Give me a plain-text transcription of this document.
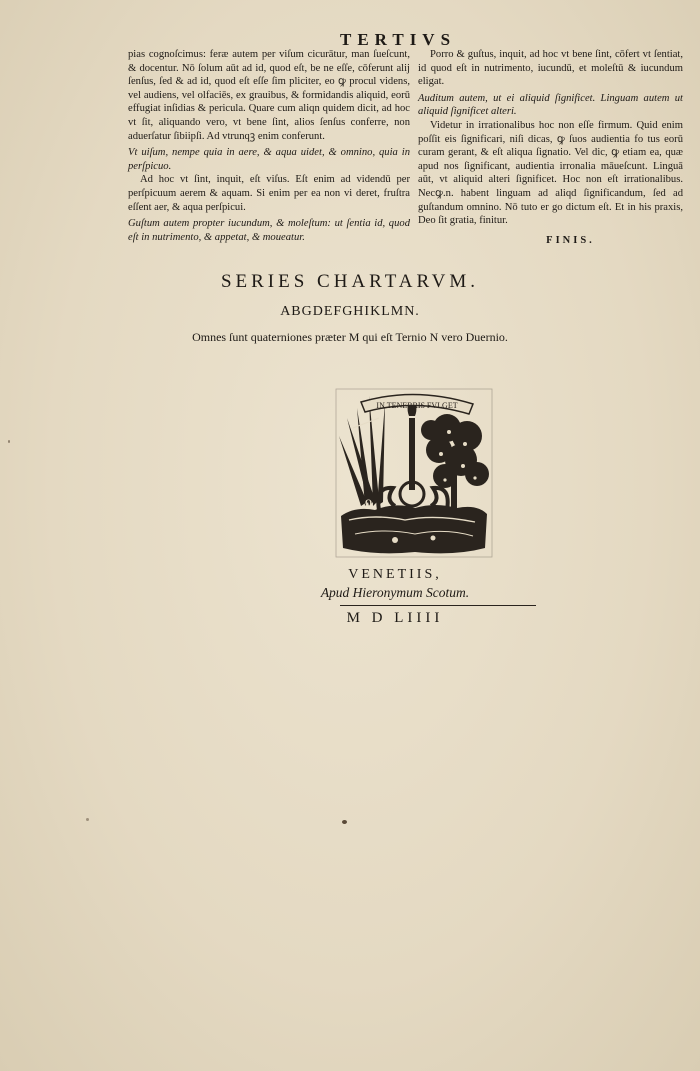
TERTIVS

pias cognoſcimus: feræ autem per viſum cicurātur, man ſueſcunt, & docentur. Nō ſolum aūt ad id, quod eſt, be ne eſſe, cōferunt alij ſenſus, ſed & ad id, quod eſt eſſe ſim pliciter, eo ꝙ procul videns, vel audiens, vel olfaciēs, ex grauibus, & formidandis aliquid, eorū effugiat inſidias & pericula. Quare cum aliqn quidem dicit, ad hoc vt ſit, aliquando vero, vt bene ſint, alios ſenſus conferre, non aduerſatur ſibiipſi. Ad vtrunqꝫ enim conferunt.

Vt uiſum, nempe quia in aere, & aqua uidet, & omnino, quia in perſpicuo.

Ad hoc vt ſint, inquit, eſt viſus. Eſt enim ad videndū per perſpicuum aerem & aquam. Si enim per ea non vi deret, fruſtra eſſent aer, & aqua perſpicui.

Guſtum autem propter iucundum, & moleſtum: ut ſentia id, quod eſt in nutrimento, & appetat, & moueatur.

Porro & guſtus, inquit, ad hoc vt bene ſint, cōfert vt ſentiat, id quod eſt in nutrimento, iucundū, et moleſtū & iucundum eligat.

Auditum autem, ut ei aliquid ſignificet. Linguam autem ut aliquid ſignificet alteri.

Videtur in irrationalibus hoc non eſſe firmum. Quid enim poſſit eis ſignificari, niſi dicas, ꝙ ſuos audientia fo tus eorū curam gerant, & eſt aliqua ſignatio. Vel dic, ꝙ etiam ea, quæ apud nos ſignificant, audientia irronalia māueſcunt. Linguā aūt, vt aliquid alteri ſignificet. Hoc non eſt irrationalibus. Necꝙ.n. habent linguam ad aliqd ſignificandum, ſed ad guſtandum omnino. Nō tuto er go dictum eſt. Et in his praxis, Deo ſit gratia, finitur.

FINIS.
SERIES CHARTARVM.
ABGDEFGHIKLMN.
Omnes ſunt quaterniones præter M qui eſt Ternio N vero Duernio.
IN TENEBRIS FVLGET
O	S
VENETIIS,
Apud Hieronymum Scotum.
M D LIIII
